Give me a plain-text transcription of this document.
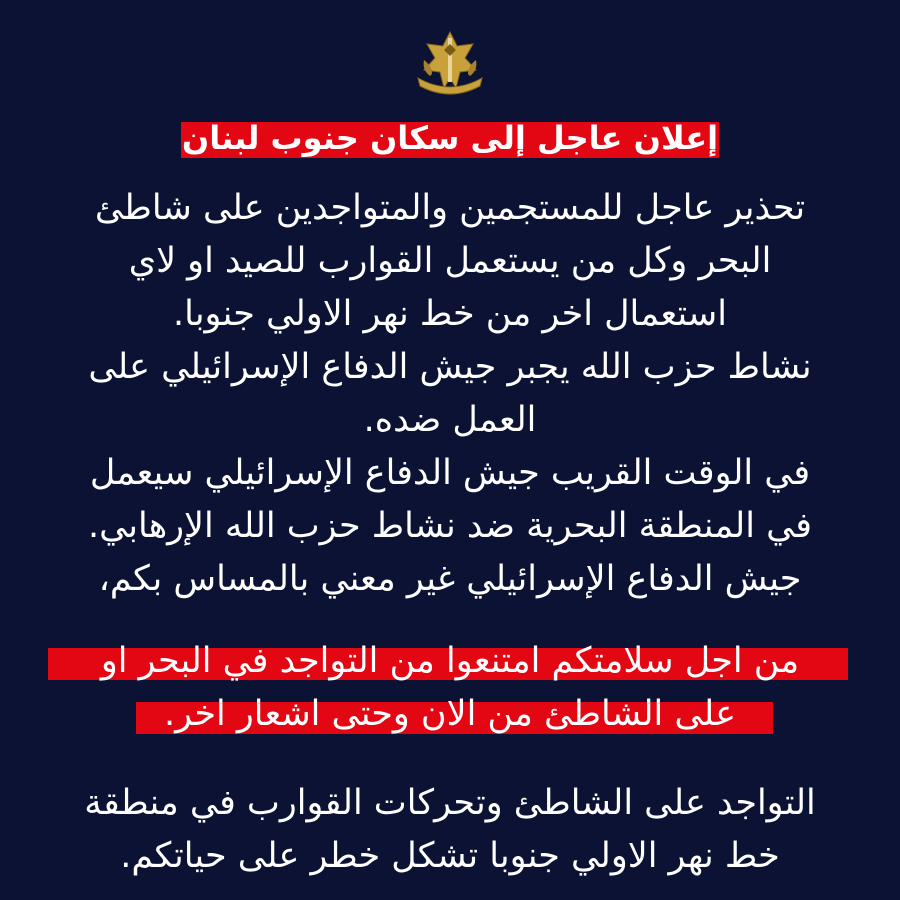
إعلان عاجل إلى سكان جنوب لبنان
تحذير عاجل للمستجمين والمتواجدين على شاطئ
البحر وكل من يستعمل القوارب للصيد او لاي
استعمال اخر من خط نهر الاولي جنوبا.
نشاط حزب الله يجبر جيش الدفاع الإسرائيلي على
العمل ضده.
في الوقت القريب جيش الدفاع الإسرائيلي سيعمل
في المنطقة البحرية ضد نشاط حزب الله الإرهابي.
جيش الدفاع الإسرائيلي غير معني بالمساس بكم،
من اجل سلامتكم امتنعوا من التواجد في البحر او
على الشاطئ من الان وحتى اشعار اخر.
التواجد على الشاطئ وتحركات القوارب في منطقة
خط نهر الاولي جنوبا تشكل خطر على حياتكم.
